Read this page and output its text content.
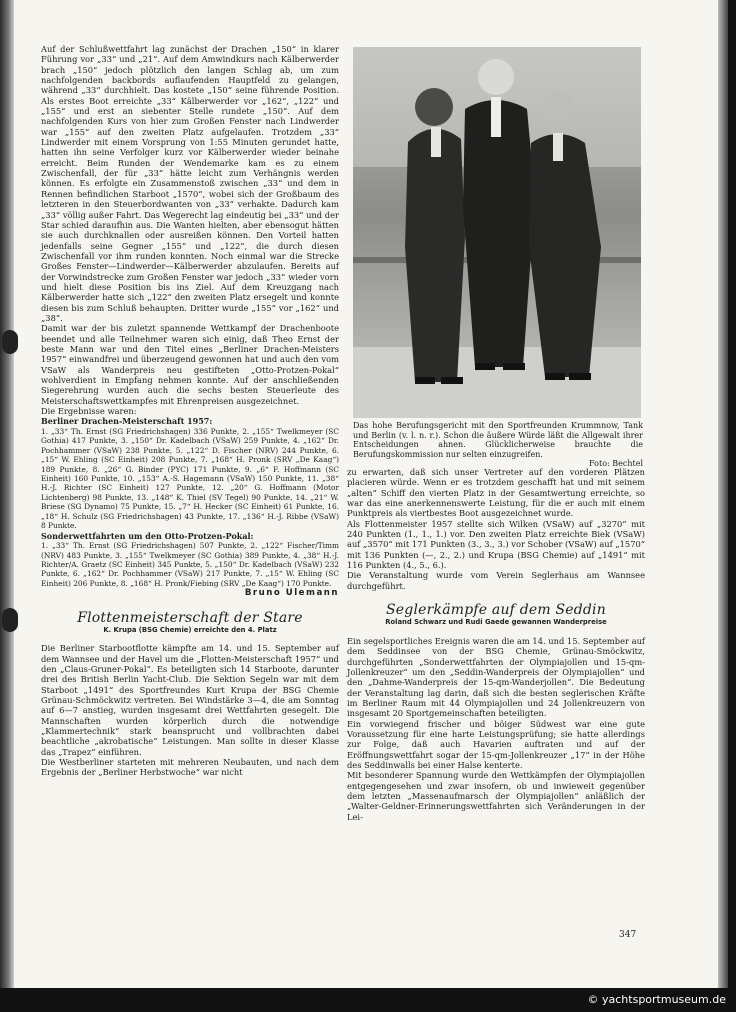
Auf der Schlußwettfahrt lag zunächst der Drachen „150“ in klarer Führung vor „33“ und „21“. Auf dem Amwindkurs nach Kälberwerder brach „150“ jedoch plötzlich den langen Schlag ab, um zum nachfolgenden backbords auflaufenden Hauptfeld zu gelangen, während „33“ durchhielt. Das kostete „150“ seine führende Position. Als erstes Boot erreichte „33“ Kälberwerder vor „162“, „122“ und „155“ und erst an siebenter Stelle rundete „150“. Auf dem nachfolgenden Kurs von hier zum Großen Fenster nach Lindwerder war „155“ auf den zweiten Platz aufgelaufen. Trotzdem „33“ Lindwerder mit einem Vorsprung von 1:55 Minuten gerundet hatte, hatten ihn seine Verfolger kurz vor Kälberwerder wieder beinahe erreicht. Beim Runden der Wendemarke kam es zu einem Zwischenfall, der für „33“ hätte leicht zum Verhängnis werden können. Es erfolgte ein Zusammenstoß zwischen „33“ und dem in Rennen befindlichen Starboot „1570“, wobei sich der Großbaum des letzteren in den Steuerbordwanten von „33“ verhakte. Dadurch kam „33“ völlig außer Fahrt. Das Wegerecht lag eindeutig bei „33“ und der Star schied daraufhin aus. Die Wanten hielten, aber ebensogut hätten sie auch durchknallen oder ausreißen können. Den Vorteil hatten jedenfalls seine Gegner „155“ und „122“, die durch diesen Zwischenfall vor ihm runden konnten. Noch einmal war die Strecke Großes Fenster—Lindwerder—Kälberwerder abzulaufen. Bereits auf der Vorwindstrecke zum Großen Fenster war jedoch „33“ wieder vorn und hielt diese Position bis ins Ziel. Auf dem Kreuzgang nach Kälberwerder hatte sich „122“ den zweiten Platz ersegelt und konnte diesen bis zum Schluß behaupten. Dritter wurde „155“ vor „162“ und „38“.

Damit war der bis zuletzt spannende Wettkampf der Drachenboote beendet und alle Teilnehmer waren sich einig, daß Theo Ernst der beste Mann war und den Titel eines „Berliner Drachen-Meisters 1957“ einwandfrei und überzeugend gewonnen hat und auch den vom VSaW als Wanderpreis neu gestifteten „Otto-Protzen-Pokal“ wohlverdient in Empfang nehmen konnte. Auf der anschließenden Siegerehrung wurden auch die sechs besten Steuerleute des Meisterschaftswettkampfes mit Ehrenpreisen ausgezeichnet.

Die Ergebnisse waren:

Berliner Drachen-Meisterschaft 1957:

1. „33“ Th. Ernst (SG Friedrichshagen) 336 Punkte, 2. „155“ Twelkmeyer (SC Gothia) 417 Punkte, 3. „150“ Dr. Kadelbach (VSaW) 259 Punkte, 4. „162“ Dr. Pochhammer (VSaW) 238 Punkte, 5. „122“ D. Fischer (NRV) 244 Punkte, 6. „15“ W. Ehling (SC Einheit) 208 Punkte, 7. „168“ H. Pronk (SRV „De Kaag“) 189 Punkte, 8. „26“ G. Binder (PYC) 171 Punkte, 9. „6“ F. Hoffmann (SC Einheit) 160 Punkte, 10. „153“ A.-S. Hagemann (VSaW) 150 Punkte, 11. „38“ H.-J. Richter (SC Einheit) 127 Punkte, 12. „20“ G. Hoffmann (Motor Lichtenberg) 98 Punkte, 13. „148“ K. Thiel (SV Tegel) 90 Punkte, 14. „21“ W. Briese (SG Dynamo) 75 Punkte, 15. „7“ H. Hecker (SC Einheit) 61 Punkte, 16. „18“ H. Schulz (SG Friedrichshagen) 43 Punkte, 17. „136“ H.-J. Ribbe (VSaW) 8 Punkte.

Sonderwettfahrten um den Otto-Protzen-Pokal:

1. „33“ Th. Ernst (SG Friedrichshagen) 507 Punkte, 2. „122“ Fischer/Timm (NRV) 483 Punkte, 3. „155“ Twelkmeyer (SC Gothia) 389 Punkte, 4. „38“ H.-J. Richter/A. Graetz (SC Einheit) 345 Punkte, 5. „150“ Dr. Kadelbach (VSaW) 232 Punkte, 6. „162“ Dr. Pochhammer (VSaW) 217 Punkte, 7. „15“ W. Ehling (SC Einheit) 206 Punkte, 8. „168“ H. Pronk/Fiebing (SRV „De Kaag“) 170 Punkte.

Bruno Ulemann

Flottenmeisterschaft der Stare
K. Krupa (BSG Chemie) erreichte den 4. Platz

Die Berliner Starbootflotte kämpfte am 14. und 15. September auf dem Wannsee und der Havel um die „Flotten-Meisterschaft 1957“ und den „Claus-Gruner-Pokal“. Es beteiligten sich 14 Starboote, darunter drei des British Berlin Yacht-Club. Die Sektion Segeln war mit dem Starboot „1491“ des Sportfreundes Kurt Krupa der BSG Chemie Grünau-Schmöckwitz vertreten. Bei Windstärke 3—4, die am Sonntag auf 6—7 anstieg, wurden insgesamt drei Wettfahrten gesegelt. Die Mannschaften wurden körperlich durch die notwendige „Klammertechnik“ stark beansprucht und vollbrachten dabei beachtliche „akrobatische“ Leistungen. Man sollte in dieser Klasse das „Trapez“ einführen.

Die Westberliner starteten mit mehreren Neubauten, und nach dem Ergebnis der „Berliner Herbstwoche“ war nicht

Das hohe Berufungsgericht mit den Sportfreunden Krummnow, Tank und Berlin (v. l. n. r.). Schon die äußere Würde läßt die Allgewalt ihrer Entscheidungen ahnen. Glücklicherweise brauchte die Berufungskommission nur selten einzugreifen.
Foto: Bechtel

zu erwarten, daß sich unser Vertreter auf den vorderen Plätzen placieren würde. Wenn er es trotzdem geschafft hat und mit seinem „alten“ Schiff den vierten Platz in der Gesamtwertung erreichte, so war das eine anerkennenswerte Leistung, für die er auch mit einem Punktpreis als viertbestes Boot ausgezeichnet wurde.

Als Flottenmeister 1957 stellte sich Wilken (VSaW) auf „3270“ mit 240 Punkten (1., 1., 1.) vor. Den zweiten Platz erreichte Biek (VSaW) auf „3570“ mit 171 Punkten (3., 3., 3.) vor Schober (VSaW) auf „1570“ mit 136 Punkten (—, 2., 2.) und Krupa (BSG Chemie) auf „1491“ mit 116 Punkten (4., 5., 6.).

Die Veranstaltung wurde vom Verein Seglerhaus am Wannsee durchgeführt.

Seglerkämpfe auf dem Seddin
Roland Schwarz und Rudi Gaede gewannen Wanderpreise

Ein segelsportliches Ereignis waren die am 14. und 15. September auf dem Seddinsee von der BSG Chemie, Grünau-Smöckwitz, durchgeführten „Sonderwettfahrten der Olympiajollen und 15-qm-Jollenkreuzer“ um den „Seddin-Wanderpreis der Olympiajollen“ und den „Dahme-Wanderpreis der 15-qm-Wanderjollen“. Die Bedeutung der Veranstaltung lag darin, daß sich die besten seglerischen Kräfte im Berliner Raum mit 44 Olympiajollen und 24 Jollenkreuzern von insgesamt 20 Sportgemeinschaften beteiligten.

Ein vorwiegend frischer und böiger Südwest war eine gute Voraussetzung für eine harte Leistungsprüfung; sie hatte allerdings zur Folge, daß auch Havarien auftraten und auf der Eröffnungswettfahrt sogar der 15-qm-Jollenkreuzer „17“ in der Höhe des Seddinwalls bei einer Halse kenterte.

Mit besonderer Spannung wurde den Wettkämpfen der Olympiajollen entgegengesehen und zwar insofern, ob und inwieweit gegenüber dem letzten „Massenaufmarsch der Olympiajollen“ anläßlich der „Walter-Geldner-Erinnerungswettfahrten sich Veränderungen in der Lei-

347
© yachtsportmuseum.de
